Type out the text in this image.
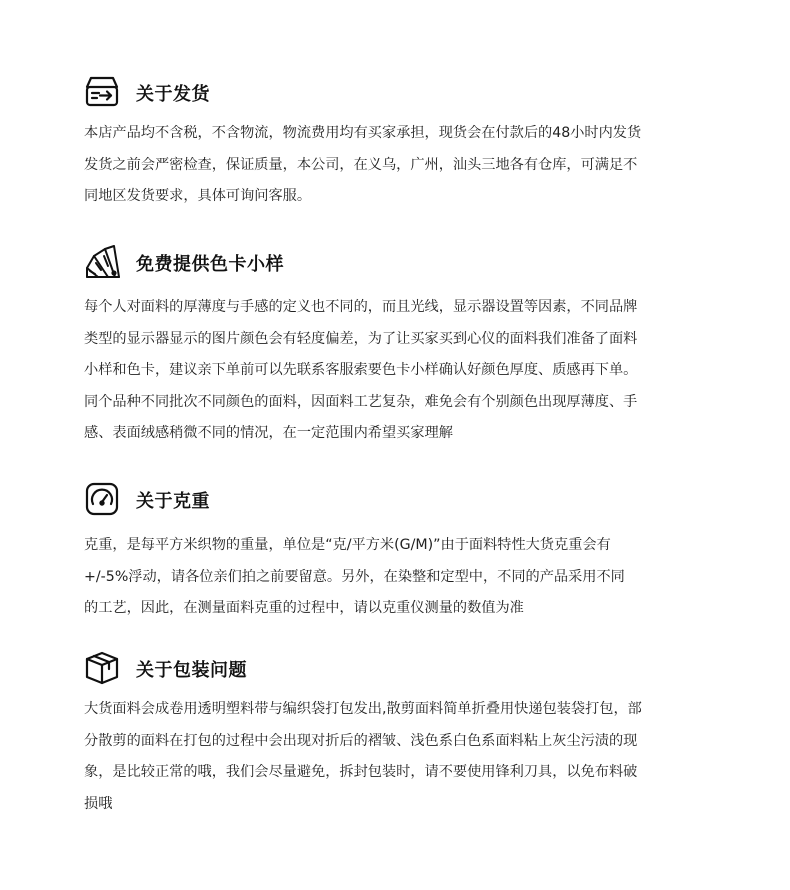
关于发货
本店产品均不含税，不含物流，物流费用均有买家承担，现货会在付款后的48小时内发货
发货之前会严密检查，保证质量，本公司，在义乌，广州，汕头三地各有仓库，可满足不
同地区发货要求，具体可询问客服。
免费提供色卡小样
每个人对面料的厚薄度与手感的定义也不同的，而且光线，显示器设置等因素，不同品牌
类型的显示器显示的图片颜色会有轻度偏差，为了让买家买到心仪的面料我们准备了面料
小样和色卡，建议亲下单前可以先联系客服索要色卡小样确认好颜色厚度、质感再下单。
同个品种不同批次不同颜色的面料，因面料工艺复杂，难免会有个别颜色出现厚薄度、手
感、表面绒感稍微不同的情况，在一定范围内希望买家理解
关于克重
克重，是每平方米织物的重量，单位是“克/平方米(G/M)”由于面料特性大货克重会有
+/-5%浮动，请各位亲们拍之前要留意。另外，在染整和定型中，不同的产品采用不同
的工艺，因此，在测量面料克重的过程中，请以克重仪测量的数值为准
关于包装问题
大货面料会成卷用透明塑料带与编织袋打包发出,散剪面料简单折叠用快递包装袋打包，部
分散剪的面料在打包的过程中会出现对折后的褶皱、浅色系白色系面料粘上灰尘污渍的现
象，是比较正常的哦，我们会尽量避免，拆封包装时，请不要使用锋利刀具，以免布料破
损哦
